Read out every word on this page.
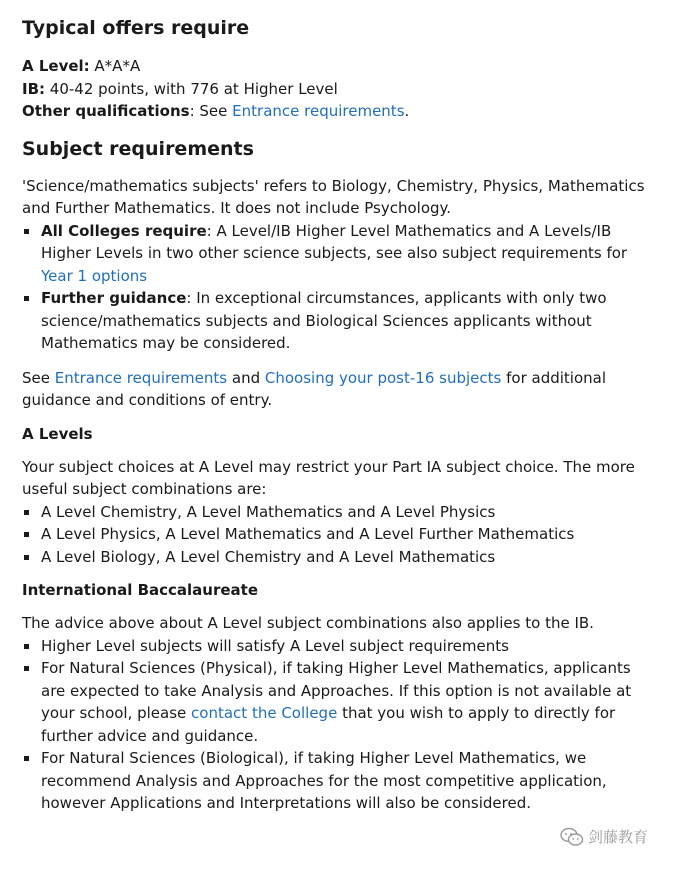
Typical offers require

A Level: A*A*A

IB: 40-42 points, with 776 at Higher Level

Other qualifications: See Entrance requirements.

Subject requirements

'Science/mathematics subjects' refers to Biology, Chemistry, Physics, Mathematics and Further Mathematics. It does not include Psychology.

All Colleges require: A Level/IB Higher Level Mathematics and A Levels/IB Higher Levels in two other science subjects, see also subject requirements for Year 1 options
Further guidance: In exceptional circumstances, applicants with only two science/mathematics subjects and Biological Sciences applicants without Mathematics may be considered.

See Entrance requirements and Choosing your post-16 subjects for additional guidance and conditions of entry.

A Levels

Your subject choices at A Level may restrict your Part IA subject choice. The more useful subject combinations are:

A Level Chemistry, A Level Mathematics and A Level Physics
A Level Physics, A Level Mathematics and A Level Further Mathematics
A Level Biology, A Level Chemistry and A Level Mathematics
International Baccalaureate

The advice above about A Level subject combinations also applies to the IB.

Higher Level subjects will satisfy A Level subject requirements
For Natural Sciences (Physical), if taking Higher Level Mathematics, applicants are expected to take Analysis and Approaches. If this option is not available at your school, please contact the College that you wish to apply to directly for further advice and guidance.
For Natural Sciences (Biological), if taking Higher Level Mathematics, we recommend Analysis and Approaches for the most competitive application, however Applications and Interpretations will also be considered.
剑藤教育
